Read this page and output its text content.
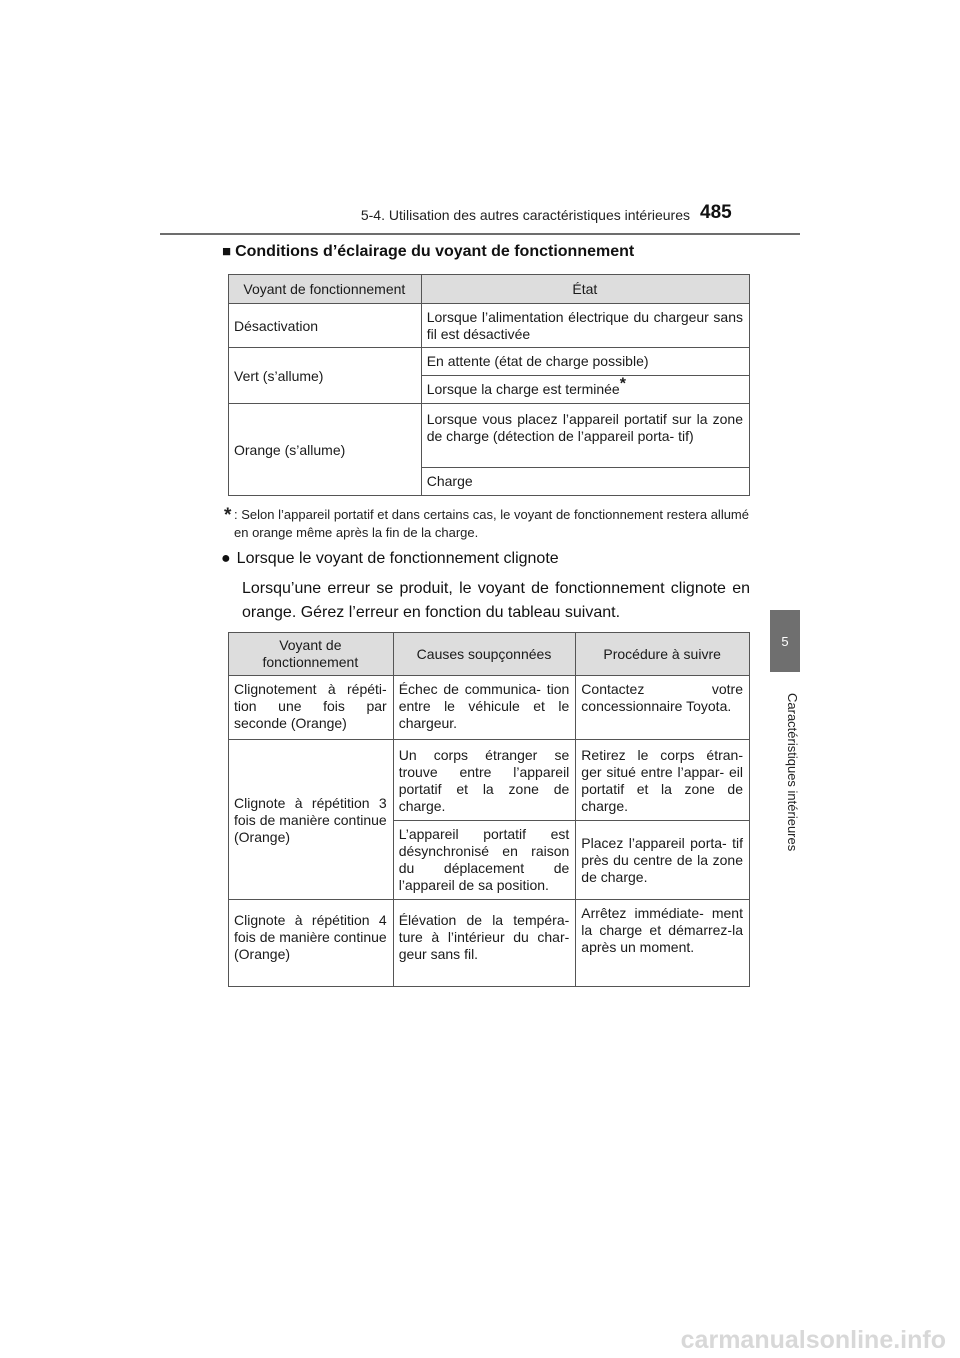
5-4. Utilisation des autres caractéristiques intérieures 485
5
Caractéristiques intérieures
■ Conditions d’éclairage du voyant de fonctionnement
Voyant de fonctionnement	État
Désactivation	Lorsque l’alimentation électrique du chargeur sans fil est désactivée
Vert (s’allume)	En attente (état de charge possible)
	Lorsque la charge est terminée*
Orange (s’allume)	Lorsque vous placez l’appareil portatif sur la zone de charge (détection de l’appareil porta- tif)
	Charge
* : Selon l’appareil portatif et dans certains cas, le voyant de fonctionnement restera allumé en orange même après la fin de la charge.
● Lorsque le voyant de fonctionnement clignote
Lorsqu’une erreur se produit, le voyant de fonctionnement clignote en orange. Gérez l’erreur en fonction du tableau suivant.
Voyant de fonctionnement	Causes soupçonnées	Procédure à suivre
Clignotement à répéti- tion une fois par seconde (Orange)	Échec de communica- tion entre le véhicule et le chargeur.	Contactez votre concessionnaire Toyota.
Clignote à répétition 3 fois de manière continue (Orange)	Un corps étranger se trouve entre l’appareil portatif et la zone de charge.	Retirez le corps étran- ger situé entre l’appar- eil portatif et la zone de charge.
	L’appareil portatif est désynchronisé en raison du déplacement de l’appareil de sa position.	Placez l’appareil porta- tif près du centre de la zone de charge.
Clignote à répétition 4 fois de manière continue (Orange)	Élévation de la tempéra- ture à l’intérieur du char- geur sans fil.	Arrêtez immédiate- ment la charge et démarrez-la après un moment.
carmanualsonline.info
